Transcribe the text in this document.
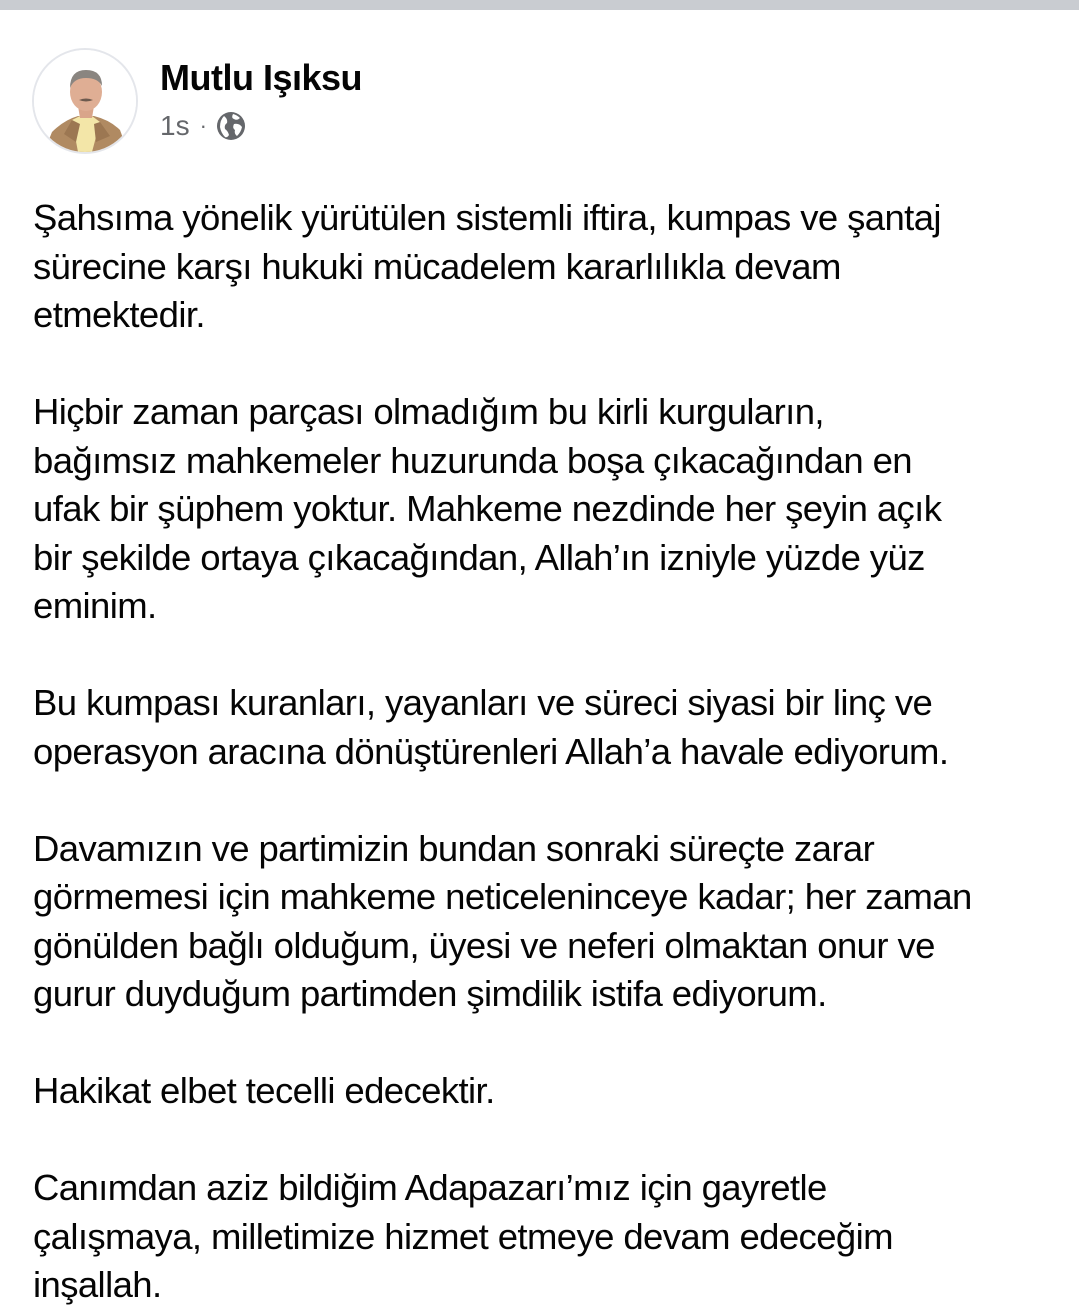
Mutlu Işıksu
1s ·

Şahsıma yönelik yürütülen sistemli iftira, kumpas ve şantaj
sürecine karşı hukuki mücadelem kararlılıkla devam
etmektedir.

Hiçbir zaman parçası olmadığım bu kirli kurguların,
bağımsız mahkemeler huzurunda boşa çıkacağından en
ufak bir şüphem yoktur. Mahkeme nezdinde her şeyin açık
bir şekilde ortaya çıkacağından, Allah’ın izniyle yüzde yüz
eminim.

Bu kumpası kuranları, yayanları ve süreci siyasi bir linç ve
operasyon aracına dönüştürenleri Allah’a havale ediyorum.

Davamızın ve partimizin bundan sonraki süreçte zarar
görmemesi için mahkeme neticeleninceye kadar; her zaman
gönülden bağlı olduğum, üyesi ve neferi olmaktan onur ve
gurur duyduğum partimden şimdilik istifa ediyorum.

Hakikat elbet tecelli edecektir.

Canımdan aziz bildiğim Adapazarı’mız için gayretle
çalışmaya, milletimize hizmet etmeye devam edeceğim
inşallah.
